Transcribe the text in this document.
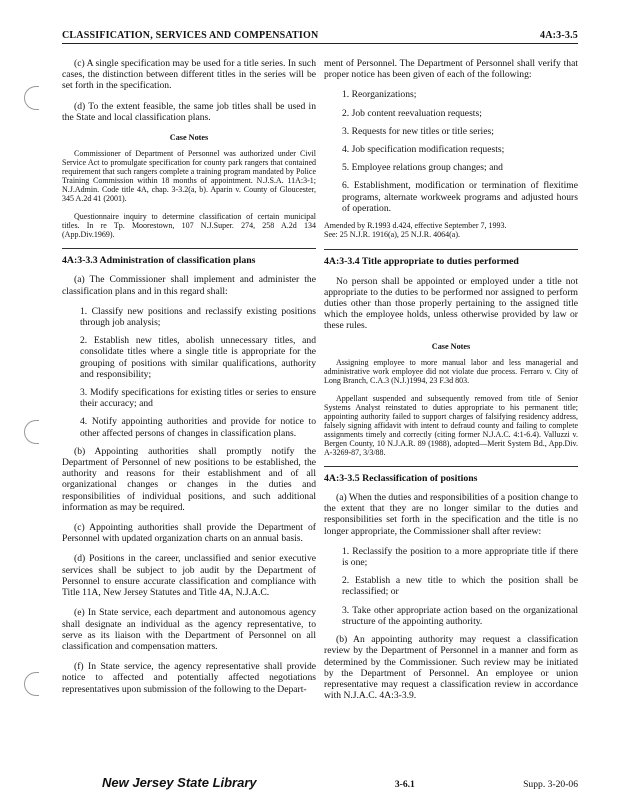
CLASSIFICATION, SERVICES AND COMPENSATION	4A:3-3.5

(c) A single specification may be used for a title series. In such cases, the distinction between different titles in the series will be set forth in the specification.

(d) To the extent feasible, the same job titles shall be used in the State and local classification plans.

Case Notes

Commissioner of Department of Personnel was authorized under Civil Service Act to promulgate specification for county park rangers that contained requirement that such rangers complete a training program mandated by Police Training Commission within 18 months of appointment. N.J.S.A. 11A:3-1; N.J.Admin. Code title 4A, chap. 3-3.2(a, b). Aparin v. County of Gloucester, 345 A.2d 41 (2001).

Questionnaire inquiry to determine classification of certain municipal titles. In re Tp. Moorestown, 107 N.J.Super. 274, 258 A.2d 134 (App.Div.1969).

4A:3-3.3 Administration of classification plans

(a) The Commissioner shall implement and administer the classification plans and in this regard shall:

1. Classify new positions and reclassify existing positions through job analysis;
2. Establish new titles, abolish unnecessary titles, and consolidate titles where a single title is appropriate for the grouping of positions with similar qualifications, authority and responsibility;
3. Modify specifications for existing titles or series to ensure their accuracy; and
4. Notify appointing authorities and provide for notice to other affected persons of changes in classification plans.

(b) Appointing authorities shall promptly notify the Department of Personnel of new positions to be established, the authority and reasons for their establishment and of all organizational changes or changes in the duties and responsibilities of individual positions, and such additional information as may be required.

(c) Appointing authorities shall provide the Department of Personnel with updated organization charts on an annual basis.

(d) Positions in the career, unclassified and senior executive services shall be subject to job audit by the Department of Personnel to ensure accurate classification and compliance with Title 11A, New Jersey Statutes and Title 4A, N.J.A.C.

(e) In State service, each department and autonomous agency shall designate an individual as the agency representative, to serve as its liaison with the Department of Personnel on all classification and compensation matters.

(f) In State service, the agency representative shall provide notice to affected and potentially affected negotiations representatives upon submission of the following to the Depart-

ment of Personnel. The Department of Personnel shall verify that proper notice has been given of each of the following:

1. Reorganizations;
2. Job content reevaluation requests;
3. Requests for new titles or title series;
4. Job specification modification requests;
5. Employee relations group changes; and
6. Establishment, modification or termination of flexitime programs, alternate workweek programs and adjusted hours of operation.
Amended by R.1993 d.424, effective September 7, 1993.
See: 25 N.J.R. 1916(a), 25 N.J.R. 4064(a).
4A:3-3.4 Title appropriate to duties performed

No person shall be appointed or employed under a title not appropriate to the duties to be performed nor assigned to perform duties other than those properly pertaining to the assigned title which the employee holds, unless otherwise provided by law or these rules.

Case Notes

Assigning employee to more manual labor and less managerial and administrative work employee did not violate due process. Ferraro v. City of Long Branch, C.A.3 (N.J.)1994, 23 F.3d 803.

Appellant suspended and subsequently removed from title of Senior Systems Analyst reinstated to duties appropriate to his permanent title; appointing authority failed to support charges of falsifying residency address, falsely signing affidavit with intent to defraud county and failing to complete assignments timely and correctly (citing former N.J.A.C. 4:1-6.4). Valluzzi v. Bergen County, 10 N.J.A.R. 89 (1988), adopted—Merit System Bd., App.Div. A-3269-87, 3/3/88.

4A:3-3.5 Reclassification of positions

(a) When the duties and responsibilities of a position change to the extent that they are no longer similar to the duties and responsibilities set forth in the specification and the title is no longer appropriate, the Commissioner shall after review:

1. Reclassify the position to a more appropriate title if there is one;
2. Establish a new title to which the position shall be reclassified; or
3. Take other appropriate action based on the organizational structure of the appointing authority.

(b) An appointing authority may request a classification review by the Department of Personnel in a manner and form as determined by the Commissioner. Such review may be initiated by the Department of Personnel. An employee or union representative may request a classification review in accordance with N.J.A.C. 4A:3-3.9.

New Jersey State Library	3-6.1	Supp. 3-20-06
